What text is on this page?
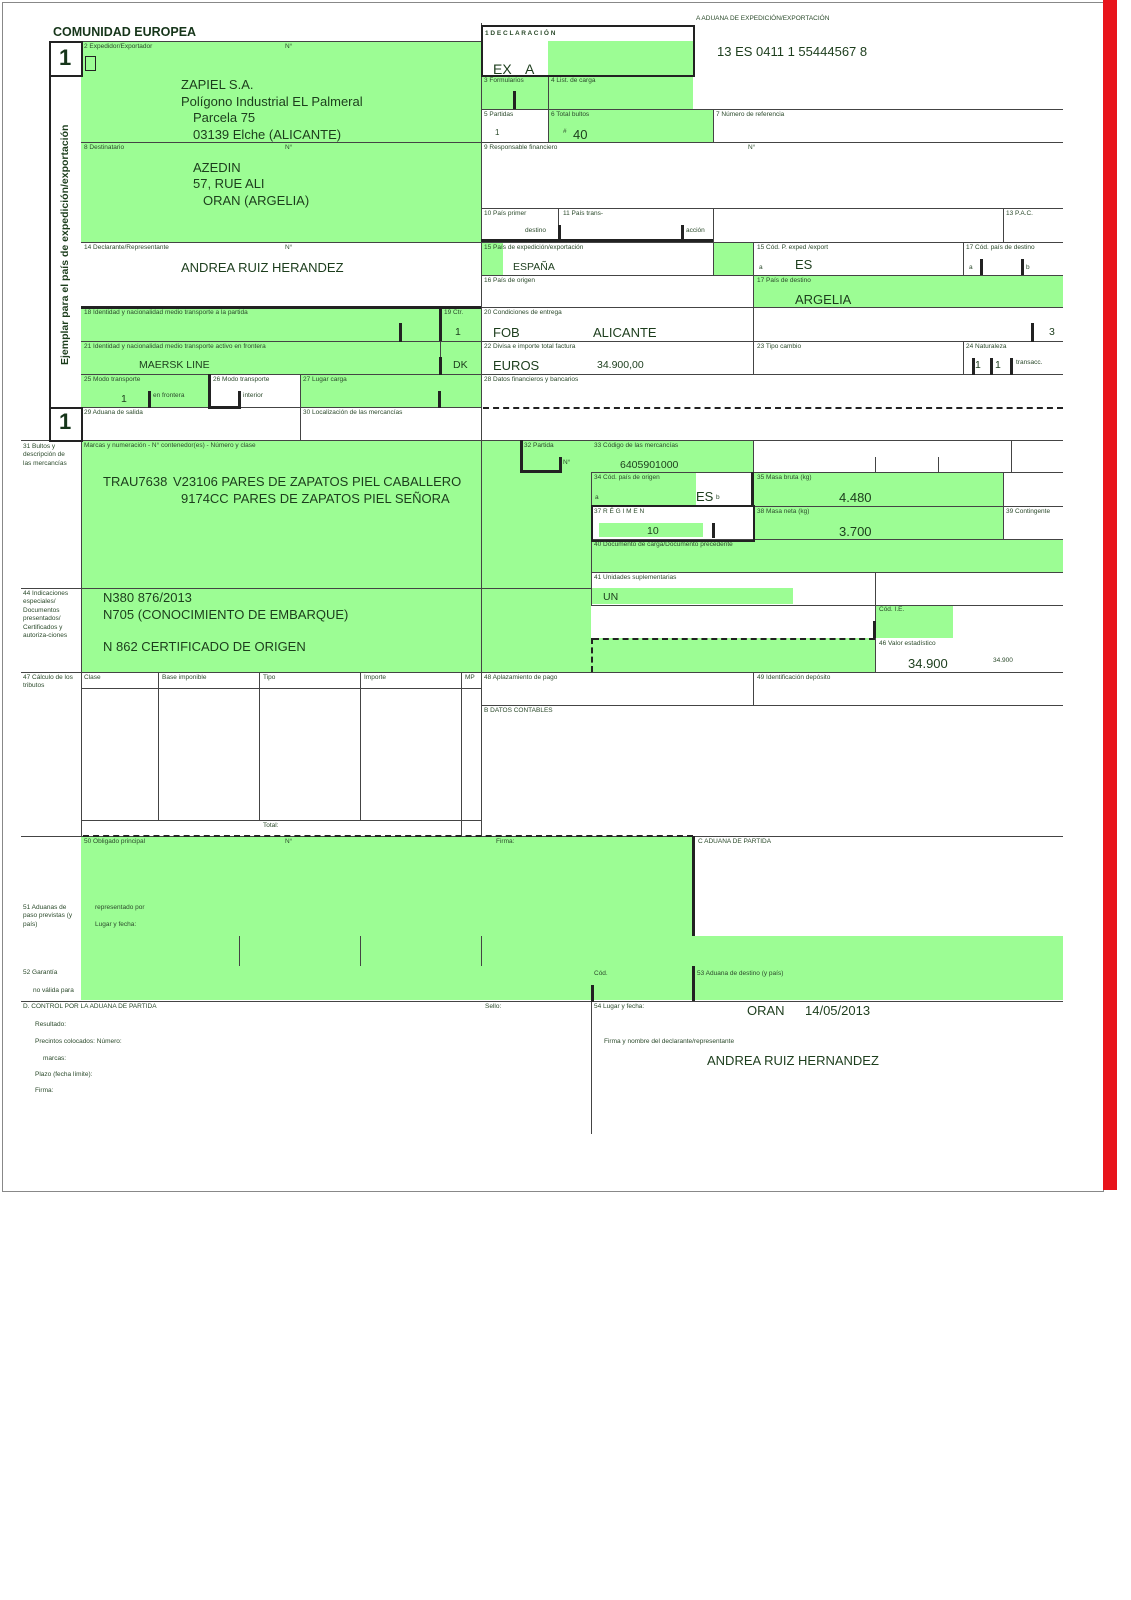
COMUNIDAD EUROPEA
1
1
Ejemplar para el país de expedición/exportación
A ADUANA DE EXPEDICIÓN/EXPORTACIÓN
13 ES 0411 1 55444567 8
1 D E C L A R A C I Ó N
EX A
2 Expedidor/Exportador	N°
ZAPIEL S.A.
Polígono Industrial EL Palmeral
Parcela 75
03139 Elche (ALICANTE)
3 Formularios	4 List. de carga
5 Partidas
1
6 Total bultos
# 40
7 Número de referencia
8 Destinatario	N°
AZEDIN
57, RUE ALI
ORAN (ARGELIA)
9 Responsable financiero	N°
10 País primer
destino
11 País trans-
acción
13 P.A.C.
14 Declarante/Representante	N°
ANDREA RUIZ HERANDEZ
15 País de expedición/exportación
ESPAÑA
15 Cód. P. exped /export
a ES
17 Cód. país de destino
a	b
16 País de origen	17 País de destino
ARGELIA
18 Identidad y nacionalidad medio transporte a la partida	19 Ctr.
1
20 Condiciones de entrega
FOB	ALICANTE	3
21 Identidad y nacionalidad medio transporte activo en frontera
MAERSK LINE	DK
22 Divisa e importe total factura
EUROS	34.900,00
23 Tipo cambio	24 Naturaleza
1 1 transacc.
25 Modo transporte
1	en frontera
26 Modo transporte
interior
27 Lugar carga	28 Datos financieros y bancarios
29 Aduana de salida	30 Localización de las mercancías
31 Bultos y descripción de las mercancías
Marcas y numeración - N° contenedor(es) - Número y clase
TRAU7638 V23106 PARES DE ZAPATOS PIEL CABALLERO
9174CC PARES DE ZAPATOS PIEL SEÑORA
32 Partida
N°
33 Código de las mercancías
6405901000
34 Cód. país de origen
a	ES b
35 Masa bruta (kg)
4.480
37 R É G I M E N
10
38 Masa neta (kg)
3.700
39 Contingente
40 Documento de carga/Documento precedente
41 Unidades suplementarias
UN
44 Indicaciones especiales/ Documentos presentados/ Certificados y autoriza-ciones
N380 876/2013
N705 (CONOCIMIENTO DE EMBARQUE)
N 862 CERTIFICADO DE ORIGEN
Cód. I.E.
46 Valor estadístico
34.900	34.900
47 Cálculo de los tributos
Clase	Base imponible	Tipo	Importe	MP
Total:
48 Aplazamiento de pago	49 Identificación depósito
B DATOS CONTABLES
50 Obligado principal	N°	Firma:
representado por
Lugar y fecha:
C ADUANA DE PARTIDA
51 Aduanas de paso previstas (y país)
52 Garantía
no válida para
Cód.	53 Aduana de destino (y país)
D. CONTROL POR LA ADUANA DE PARTIDA	Sello:
Resultado:
Precintos colocados: Número:
marcas:
Plazo (fecha límite):
Firma:
54 Lugar y fecha:	ORAN 14/05/2013
Firma y nombre del declarante/representante
ANDREA RUIZ HERNANDEZ
